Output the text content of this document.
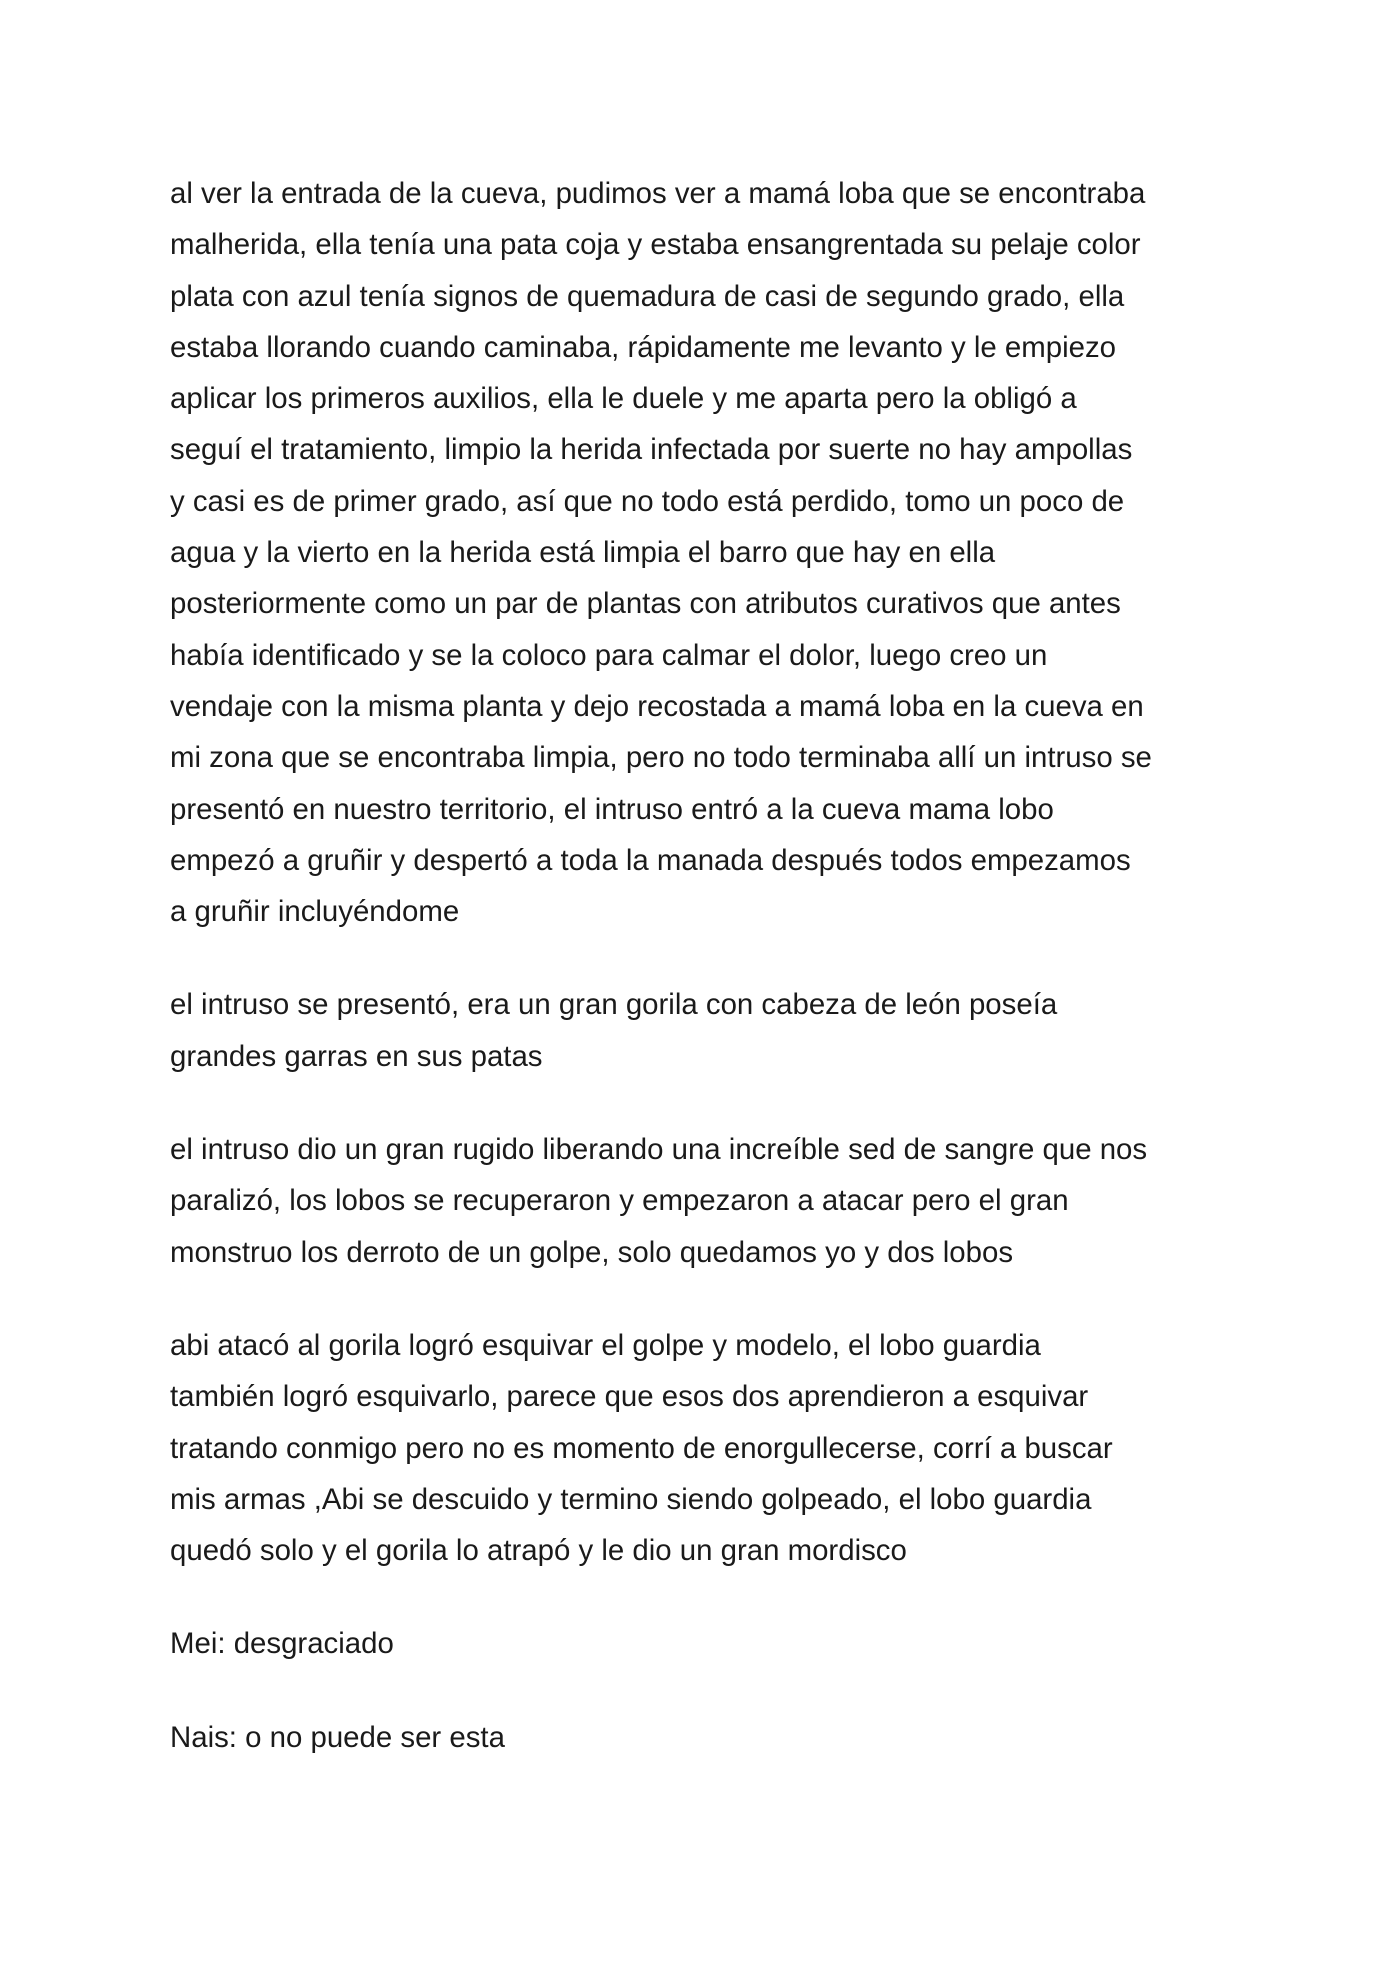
al ver la entrada de la cueva, pudimos ver a mamá loba que se encontraba
malherida, ella tenía una pata coja y estaba ensangrentada su pelaje color
plata con azul tenía signos de quemadura de casi de segundo grado, ella
estaba llorando cuando caminaba, rápidamente me levanto y le empiezo
aplicar los primeros auxilios, ella le duele y me aparta pero la obligó a
seguí el tratamiento, limpio la herida infectada por suerte no hay ampollas
y casi es de primer grado, así que no todo está perdido, tomo un poco de
agua y la vierto en la herida está limpia el barro que hay en ella
posteriormente como un par de plantas con atributos curativos que antes
había identificado y se la coloco para calmar el dolor, luego creo un
vendaje con la misma planta y dejo recostada a mamá loba en la cueva en
mi zona que se encontraba limpia, pero no todo terminaba allí un intruso se
presentó en nuestro territorio, el intruso entró a la cueva mama lobo
empezó a gruñir y despertó a toda la manada después todos empezamos
a gruñir incluyéndome
el intruso se presentó, era un gran gorila con cabeza de león poseía
grandes garras en sus patas
el intruso dio un gran rugido liberando una increíble sed de sangre que nos
paralizó, los lobos se recuperaron y empezaron a atacar pero el gran
monstruo los derroto de un golpe, solo quedamos yo y dos lobos
abi atacó al gorila logró esquivar el golpe y modelo, el lobo guardia
también logró esquivarlo, parece que esos dos aprendieron a esquivar
tratando conmigo pero no es momento de enorgullecerse, corrí a buscar
mis armas ,Abi se descuido y termino siendo golpeado, el lobo guardia
quedó solo y el gorila lo atrapó y le dio un gran mordisco
Mei: desgraciado
Nais: o no puede ser esta
